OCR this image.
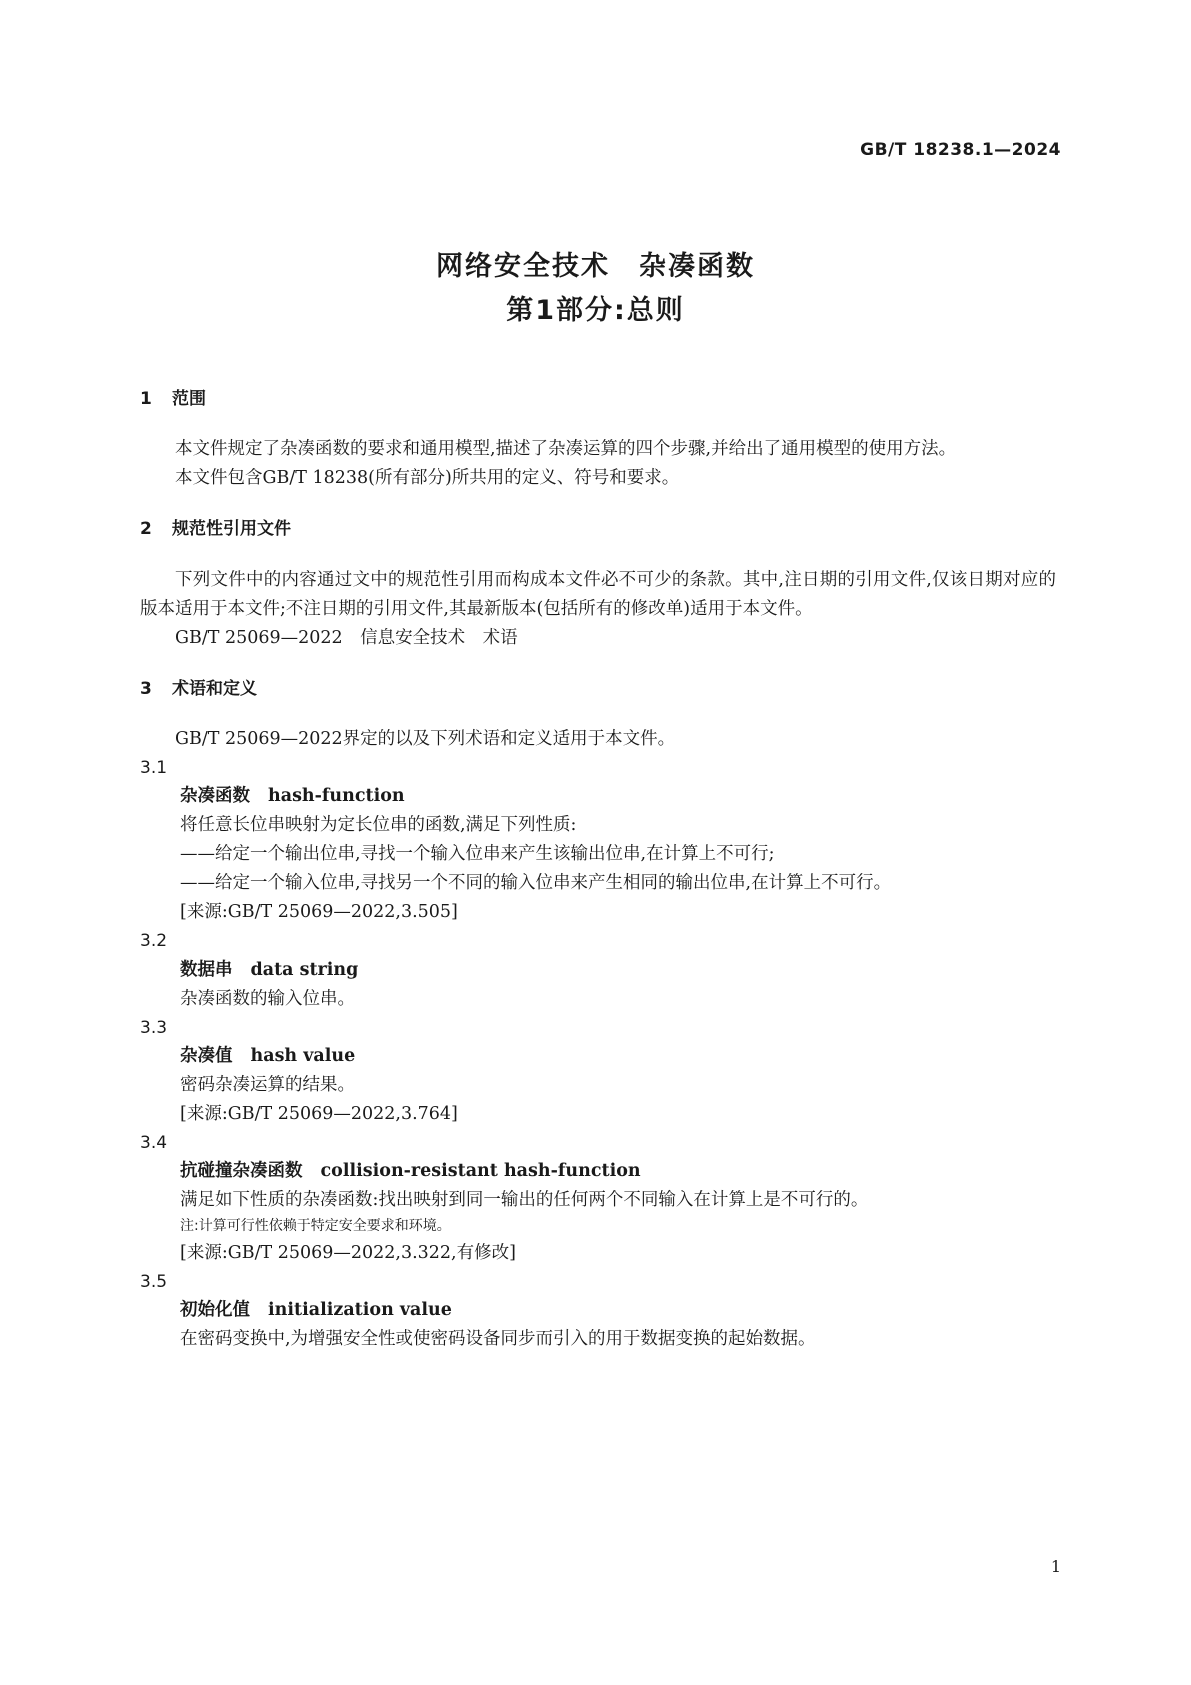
GB/T 18238.1—2024
网络安全技术　杂凑函数
第1部分:总则

1 范围

本文件规定了杂凑函数的要求和通用模型,描述了杂凑运算的四个步骤,并给出了通用模型的使用方法。

本文件包含GB/T 18238(所有部分)所共用的定义、符号和要求。

2 规范性引用文件

下列文件中的内容通过文中的规范性引用而构成本文件必不可少的条款。其中,注日期的引用文件,仅该日期对应的版本适用于本文件;不注日期的引用文件,其最新版本(包括所有的修改单)适用于本文件。

GB/T 25069—2022　信息安全技术　术语

3 术语和定义

GB/T 25069—2022界定的以及下列术语和定义适用于本文件。

3.1

杂凑函数 hash-function

将任意长位串映射为定长位串的函数,满足下列性质:

——给定一个输出位串,寻找一个输入位串来产生该输出位串,在计算上不可行;

——给定一个输入位串,寻找另一个不同的输入位串来产生相同的输出位串,在计算上不可行。

[来源:GB/T 25069—2022,3.505]

3.2

数据串 data string

杂凑函数的输入位串。

3.3

杂凑值 hash value

密码杂凑运算的结果。

[来源:GB/T 25069—2022,3.764]

3.4

抗碰撞杂凑函数 collision-resistant hash-function

满足如下性质的杂凑函数:找出映射到同一输出的任何两个不同输入在计算上是不可行的。

注:计算可行性依赖于特定安全要求和环境。

[来源:GB/T 25069—2022,3.322,有修改]

3.5

初始化值 initialization value

在密码变换中,为增强安全性或使密码设备同步而引入的用于数据变换的起始数据。

1
